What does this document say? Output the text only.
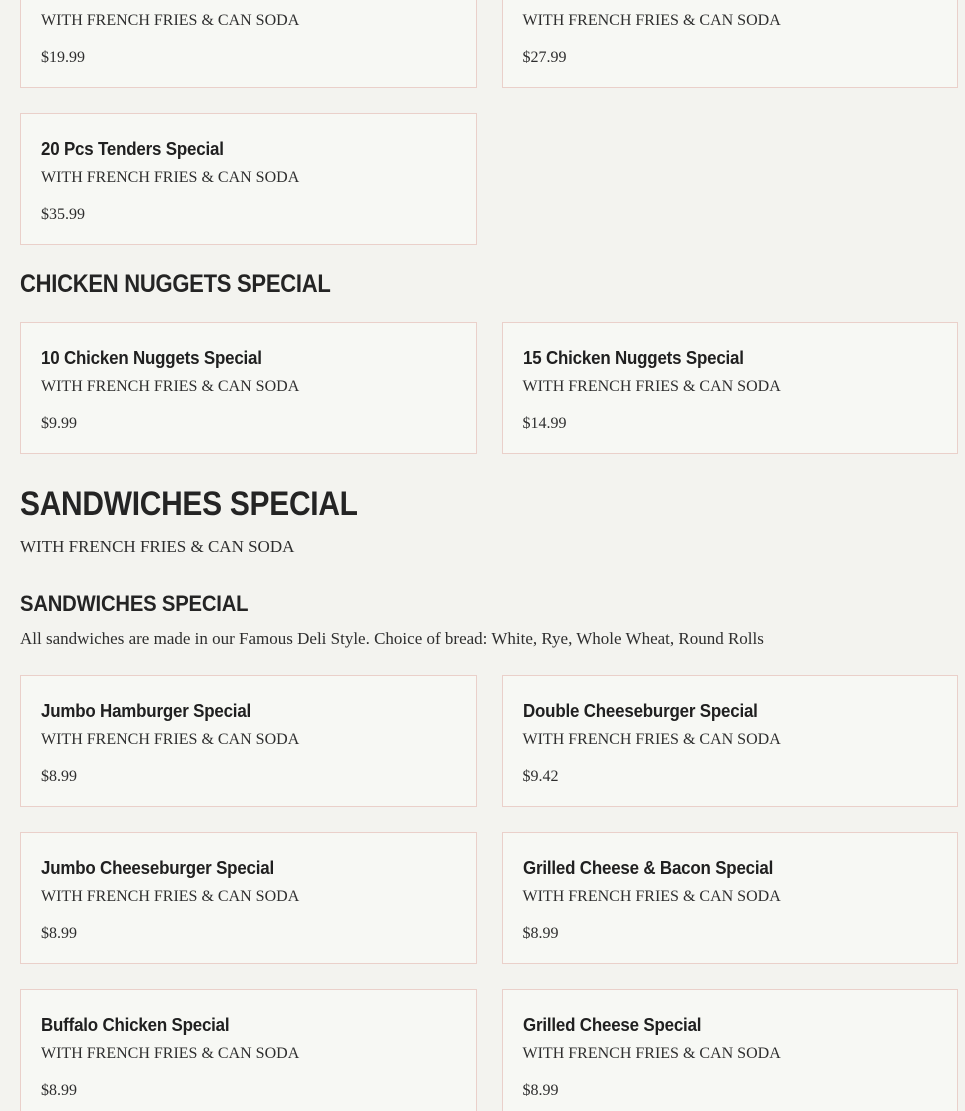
WITH FRENCH FRIES & CAN SODA

$19.99

WITH FRENCH FRIES & CAN SODA

$27.99
20 Pcs Tenders Special

WITH FRENCH FRIES & CAN SODA

$35.99
CHICKEN NUGGETS SPECIAL
10 Chicken Nuggets Special

WITH FRENCH FRIES & CAN SODA

$9.99
15 Chicken Nuggets Special

WITH FRENCH FRIES & CAN SODA

$14.99
SANDWICHES SPECIAL

WITH FRENCH FRIES & CAN SODA

SANDWICHES SPECIAL

All sandwiches are made in our Famous Deli Style. Choice of bread: White, Rye, Whole Wheat, Round Rolls

Jumbo Hamburger Special

WITH FRENCH FRIES & CAN SODA

$8.99
Double Cheeseburger Special

WITH FRENCH FRIES & CAN SODA

$9.42
Jumbo Cheeseburger Special

WITH FRENCH FRIES & CAN SODA

$8.99
Grilled Cheese & Bacon Special

WITH FRENCH FRIES & CAN SODA

$8.99
Buffalo Chicken Special

WITH FRENCH FRIES & CAN SODA

$8.99
Grilled Cheese Special

WITH FRENCH FRIES & CAN SODA

$8.99
